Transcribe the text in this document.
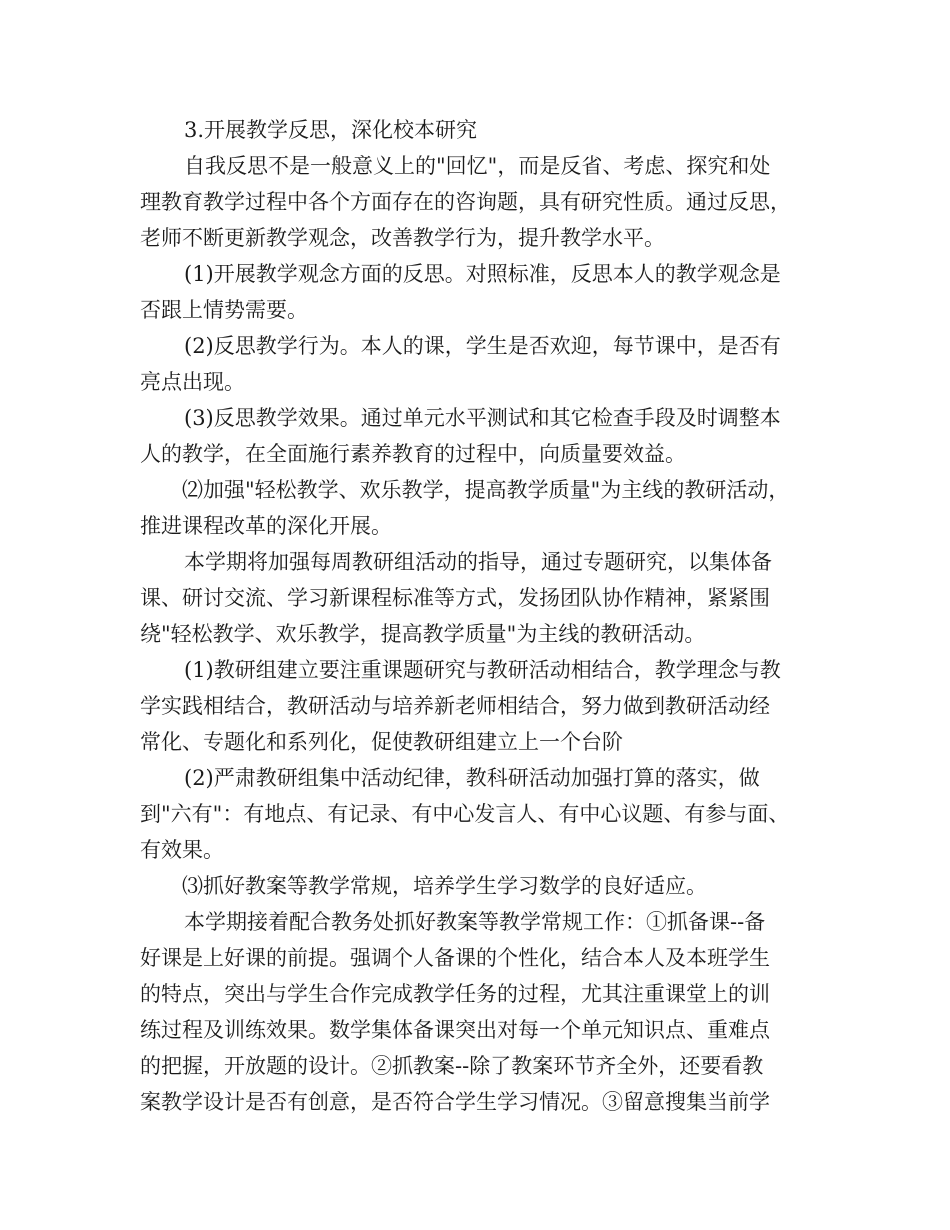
3.开展教学反思，深化校本研究
自我反思不是一般意义上的"回忆"，而是反省、考虑、探究和处
理教育教学过程中各个方面存在的咨询题，具有研究性质。通过反思，
老师不断更新教学观念，改善教学行为，提升教学水平。
(1)开展教学观念方面的反思。对照标准，反思本人的教学观念是
否跟上情势需要。
(2)反思教学行为。本人的课，学生是否欢迎，每节课中，是否有
亮点出现。
(3)反思教学效果。通过单元水平测试和其它检查手段及时调整本
人的教学，在全面施行素养教育的过程中，向质量要效益。
⑵加强"轻松教学、欢乐教学，提高教学质量"为主线的教研活动，
推进课程改革的深化开展。
本学期将加强每周教研组活动的指导，通过专题研究，以集体备
课、研讨交流、学习新课程标准等方式，发扬团队协作精神，紧紧围
绕"轻松教学、欢乐教学，提高教学质量"为主线的教研活动。
(1)教研组建立要注重课题研究与教研活动相结合，教学理念与教
学实践相结合，教研活动与培养新老师相结合，努力做到教研活动经
常化、专题化和系列化，促使教研组建立上一个台阶
(2)严肃教研组集中活动纪律，教科研活动加强打算的落实，做
到"六有"：有地点、有记录、有中心发言人、有中心议题、有参与面、
有效果。
⑶抓好教案等教学常规，培养学生学习数学的良好适应。
本学期接着配合教务处抓好教案等教学常规工作：①抓备课--备
好课是上好课的前提。强调个人备课的个性化，结合本人及本班学生
的特点，突出与学生合作完成教学任务的过程，尤其注重课堂上的训
练过程及训练效果。数学集体备课突出对每一个单元知识点、重难点
的把握，开放题的设计。②抓教案--除了教案环节齐全外，还要看教
案教学设计是否有创意，是否符合学生学习情况。③留意搜集当前学
